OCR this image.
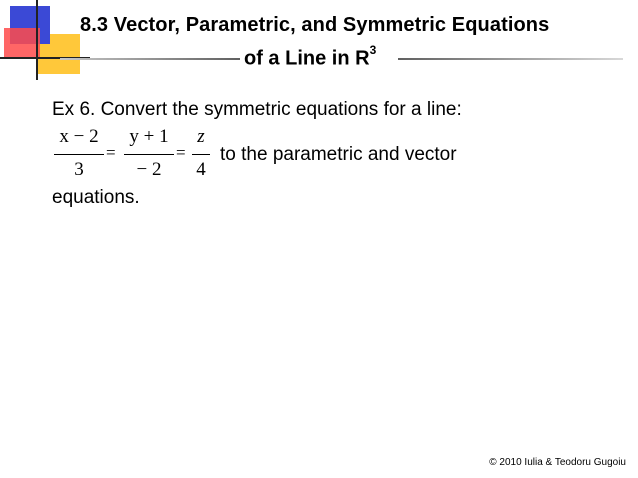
8.3 Vector, Parametric, and Symmetric Equations
of a Line in $R^3$
Ex 6. Convert the symmetric equations for a line:
x − 2
3
=
y + 1
− 2
=
z
4
to the parametric and vector
equations.
© 2010 Iulia & Teodoru Gugoiu
